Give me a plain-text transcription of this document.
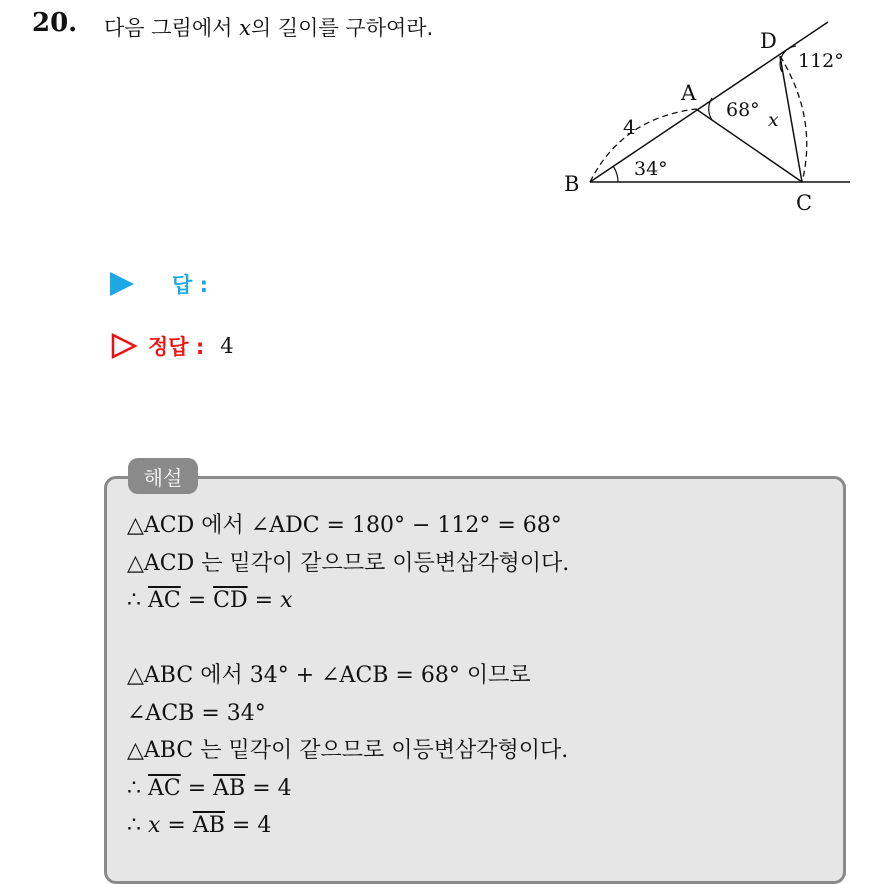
20. 다음 그림에서 x의 길이를 구하여라.
D
A
B
C
4
34°
68°
112°
x
답 :
정답 : 4
해설
△ACD 에서 ∠ADC = 180° − 112° = 68°
△ACD 는 밑각이 같으므로 이등변삼각형이다.
∴ $\overline{AC} = \overline{CD} = x$
△ABC 에서 34° + ∠ACB = 68° 이므로
∠ACB = 34°
△ABC 는 밑각이 같으므로 이등변삼각형이다.
∴ $\overline{AC} = \overline{AB} = 4$
∴ $x = \overline{AB} = 4$
